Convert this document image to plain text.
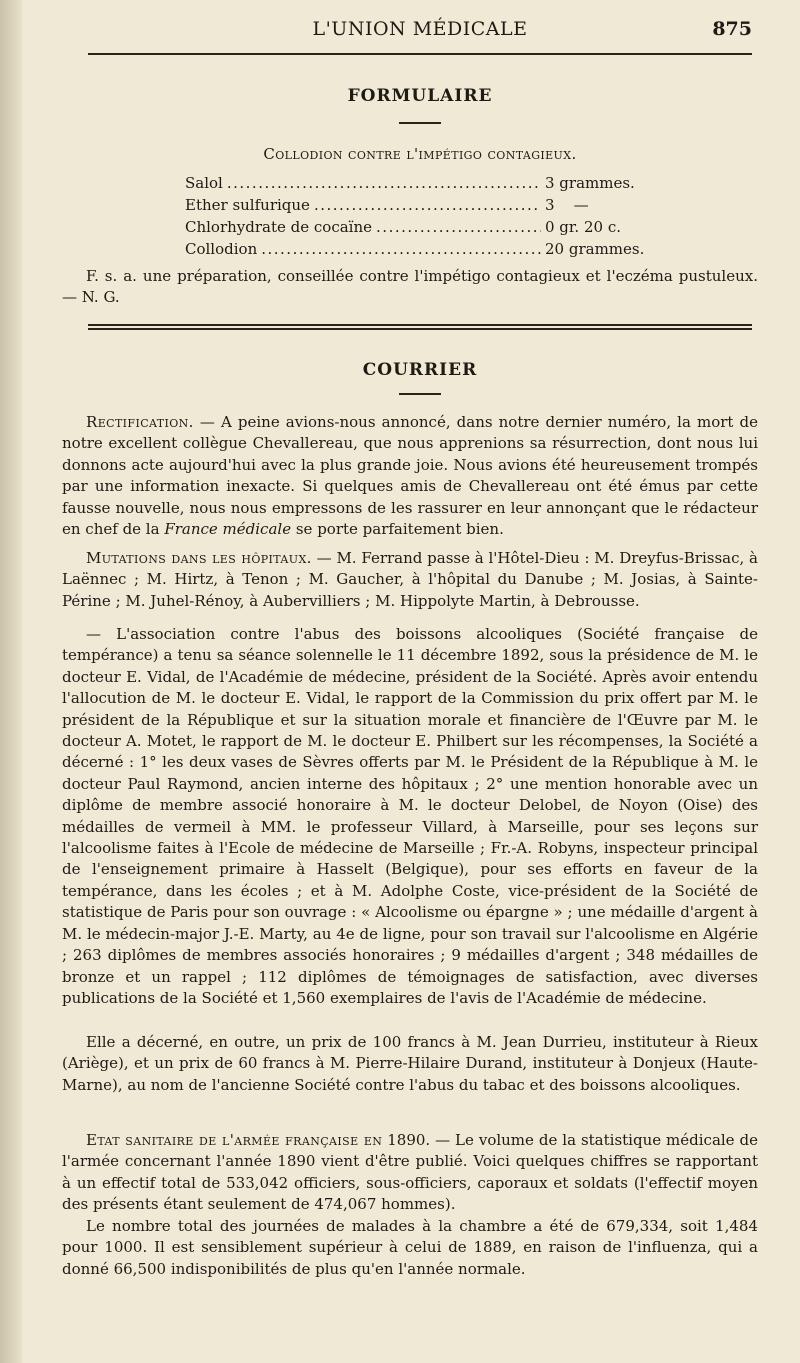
L'UNION MÉDICALE	875
FORMULAIRE
Collodion contre l'impétigo contagieux.
Salol .....	3 grammes.
Ether sulfurique .....	3    —
Chlorhydrate de cocaïne .....	0 gr. 20 c.
Collodion .....	20 grammes.
F. s. a. une préparation, conseillée contre l'impétigo contagieux et l'eczéma pustuleux. — N. G.
COURRIER
Rectification. — A peine avions-nous annoncé, dans notre dernier numéro, la mort de notre excellent collègue Chevallereau, que nous apprenions sa résurrection, dont nous lui donnons acte aujourd'hui avec la plus grande joie. Nous avions été heureusement trompés par une information inexacte. Si quelques amis de Chevallereau ont été émus par cette fausse nouvelle, nous nous empressons de les rassurer en leur annonçant que le rédacteur en chef de la France médicale se porte parfaitement bien.
Mutations dans les hôpitaux. — M. Ferrand passe à l'Hôtel-Dieu : M. Dreyfus-Brissac, à Laënnec ; M. Hirtz, à Tenon ; M. Gaucher, à l'hôpital du Danube ; M. Josias, à Sainte-Périne ; M. Juhel-Rénoy, à Aubervilliers ; M. Hippolyte Martin, à Debrousse.
— L'association contre l'abus des boissons alcooliques (Société française de tempérance) a tenu sa séance solennelle le 11 décembre 1892, sous la présidence de M. le docteur E. Vidal, de l'Académie de médecine, président de la Société. Après avoir entendu l'allocution de M. le docteur E. Vidal, le rapport de la Commission du prix offert par M. le président de la République et sur la situation morale et financière de l'Œuvre par M. le docteur A. Motet, le rapport de M. le docteur E. Philbert sur les récompenses, la Société a décerné : 1° les deux vases de Sèvres offerts par M. le Président de la République à M. le docteur Paul Raymond, ancien interne des hôpitaux ; 2° une mention honorable avec un diplôme de membre associé honoraire à M. le docteur Delobel, de Noyon (Oise) des médailles de vermeil à MM. le professeur Villard, à Marseille, pour ses leçons sur l'alcoolisme faites à l'Ecole de médecine de Marseille ; Fr.-A. Robyns, inspecteur principal de l'enseignement primaire à Hasselt (Belgique), pour ses efforts en faveur de la tempérance, dans les écoles ; et à M. Adolphe Coste, vice-président de la Société de statistique de Paris pour son ouvrage : « Alcoolisme ou épargne » ; une médaille d'argent à M. le médecin-major J.-E. Marty, au 4e de ligne, pour son travail sur l'alcoolisme en Algérie ; 263 diplômes de membres associés honoraires ; 9 médailles d'argent ; 348 médailles de bronze et un rappel ; 112 diplômes de témoignages de satisfaction, avec diverses publications de la Société et 1,560 exemplaires de l'avis de l'Académie de médecine.
Elle a décerné, en outre, un prix de 100 francs à M. Jean Durrieu, instituteur à Rieux (Ariège), et un prix de 60 francs à M. Pierre-Hilaire Durand, instituteur à Donjeux (Haute-Marne), au nom de l'ancienne Société contre l'abus du tabac et des boissons alcooliques.
Etat sanitaire de l'armée française en 1890. — Le volume de la statistique médicale de l'armée concernant l'année 1890 vient d'être publié. Voici quelques chiffres se rapportant à un effectif total de 533,042 officiers, sous-officiers, caporaux et soldats (l'effectif moyen des présents étant seulement de 474,067 hommes).
Le nombre total des journées de malades à la chambre a été de 679,334, soit 1,484 pour 1000. Il est sensiblement supérieur à celui de 1889, en raison de l'influenza, qui a donné 66,500 indisponibilités de plus qu'en l'année normale.
